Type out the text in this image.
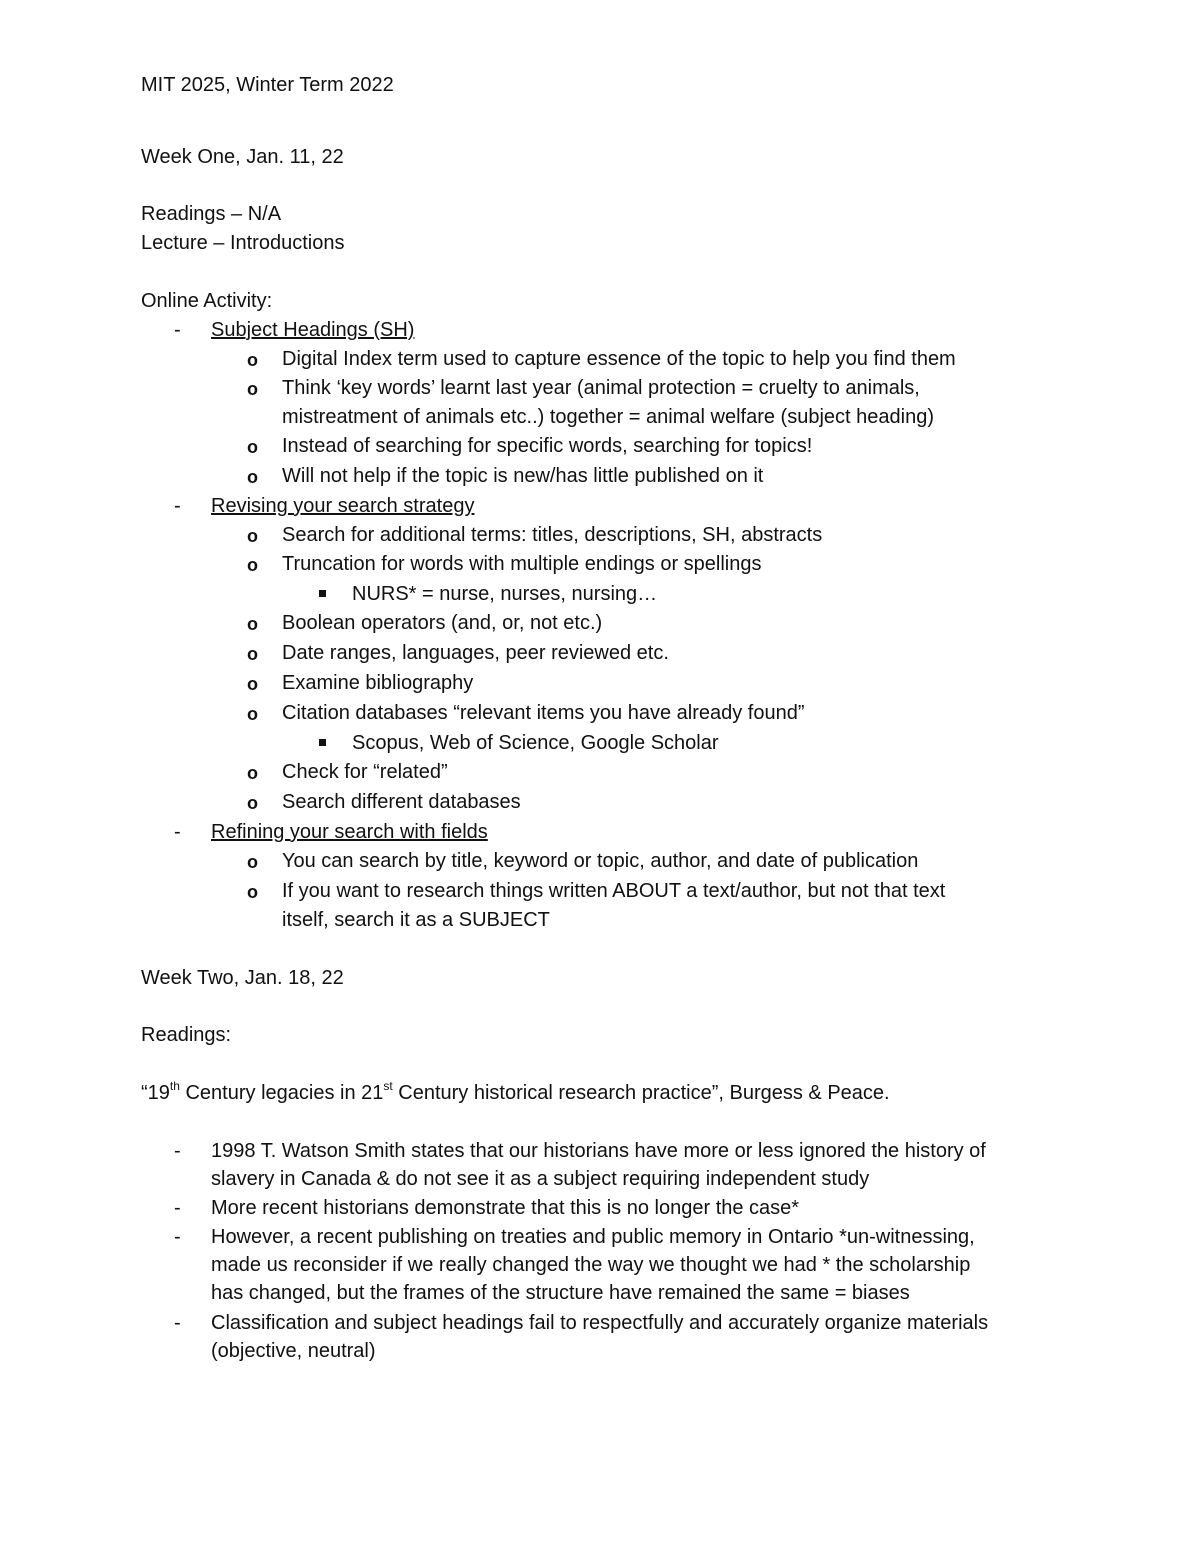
MIT 2025, Winter Term 2022
Week One, Jan. 11, 22
Readings – N/A
Lecture – Introductions
Online Activity:
-	Subject Headings (SH)
o Digital Index term used to capture essence of the topic to help you find them
o Think ‘key words’ learnt last year (animal protection = cruelty to animals,
mistreatment of animals etc..) together = animal welfare (subject heading)
o Instead of searching for specific words, searching for topics!
o Will not help if the topic is new/has little published on it
-	Revising your search strategy
o Search for additional terms: titles, descriptions, SH, abstracts
o Truncation for words with multiple endings or spellings
NURS* = nurse, nurses, nursing…
o Boolean operators (and, or, not etc.)
o Date ranges, languages, peer reviewed etc.
o Examine bibliography
o Citation databases “relevant items you have already found”
Scopus, Web of Science, Google Scholar
o Check for “related”
o Search different databases
-	Refining your search with fields
o You can search by title, keyword or topic, author, and date of publication
o If you want to research things written ABOUT a text/author, but not that text
itself, search it as a SUBJECT
Week Two, Jan. 18, 22
Readings:
“19th Century legacies in 21st Century historical research practice”, Burgess & Peace.
-	1998 T. Watson Smith states that our historians have more or less ignored the history of
slavery in Canada & do not see it as a subject requiring independent study
-	More recent historians demonstrate that this is no longer the case*
-	However, a recent publishing on treaties and public memory in Ontario *un-witnessing,
made us reconsider if we really changed the way we thought we had * the scholarship
has changed, but the frames of the structure have remained the same = biases
-	Classification and subject headings fail to respectfully and accurately organize materials
(objective, neutral)
